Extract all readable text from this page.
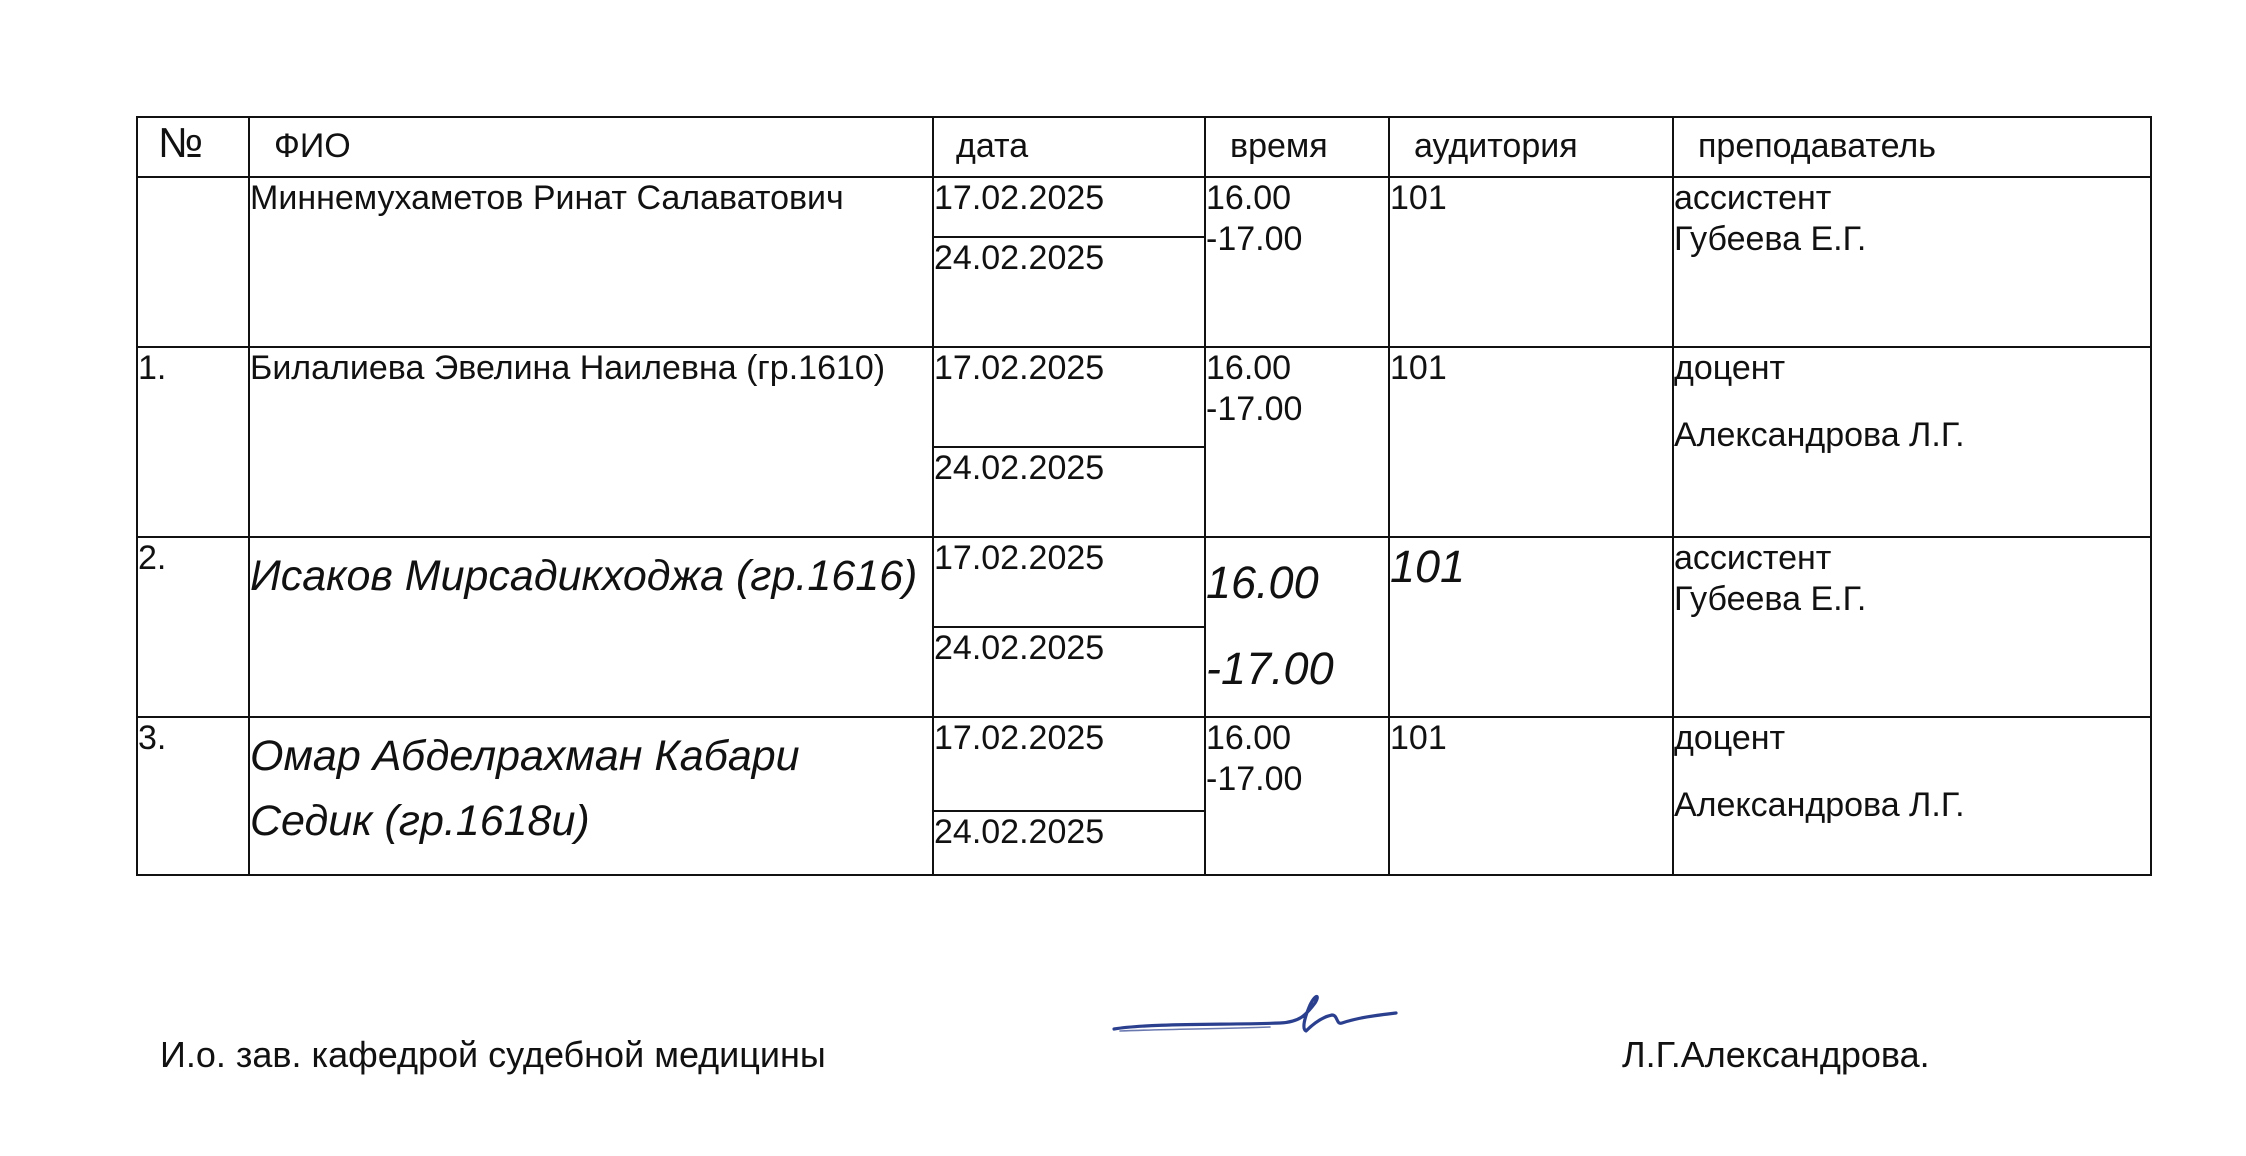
№	ФИО	дата	время	аудитория	преподаватель
	Миннемухаметов Ринат Салаватович	17.02.2025	16.00
-17.00	101	ассистент
Губеева Е.Г.

		24.02.2025			
1.	Билалиева Эвелина Наилевна (гр.1610)	17.02.2025	16.00
-17.00	101	доцент
Александрова Л.Г.

		24.02.2025			
2.	Исаков Мирсадикходжа (гр.1616)	17.02.2025	16.00
-17.00	101	ассистент
Губеева Е.Г.

		24.02.2025			
3.	Омар Абделрахман Кабари Седик (гр.1618и)	17.02.2025	16.00
-17.00	101	доцент
Александрова Л.Г.

		24.02.2025			
И.о. зав. кафедрой судебной медицины	Л.Г.Александрова.
